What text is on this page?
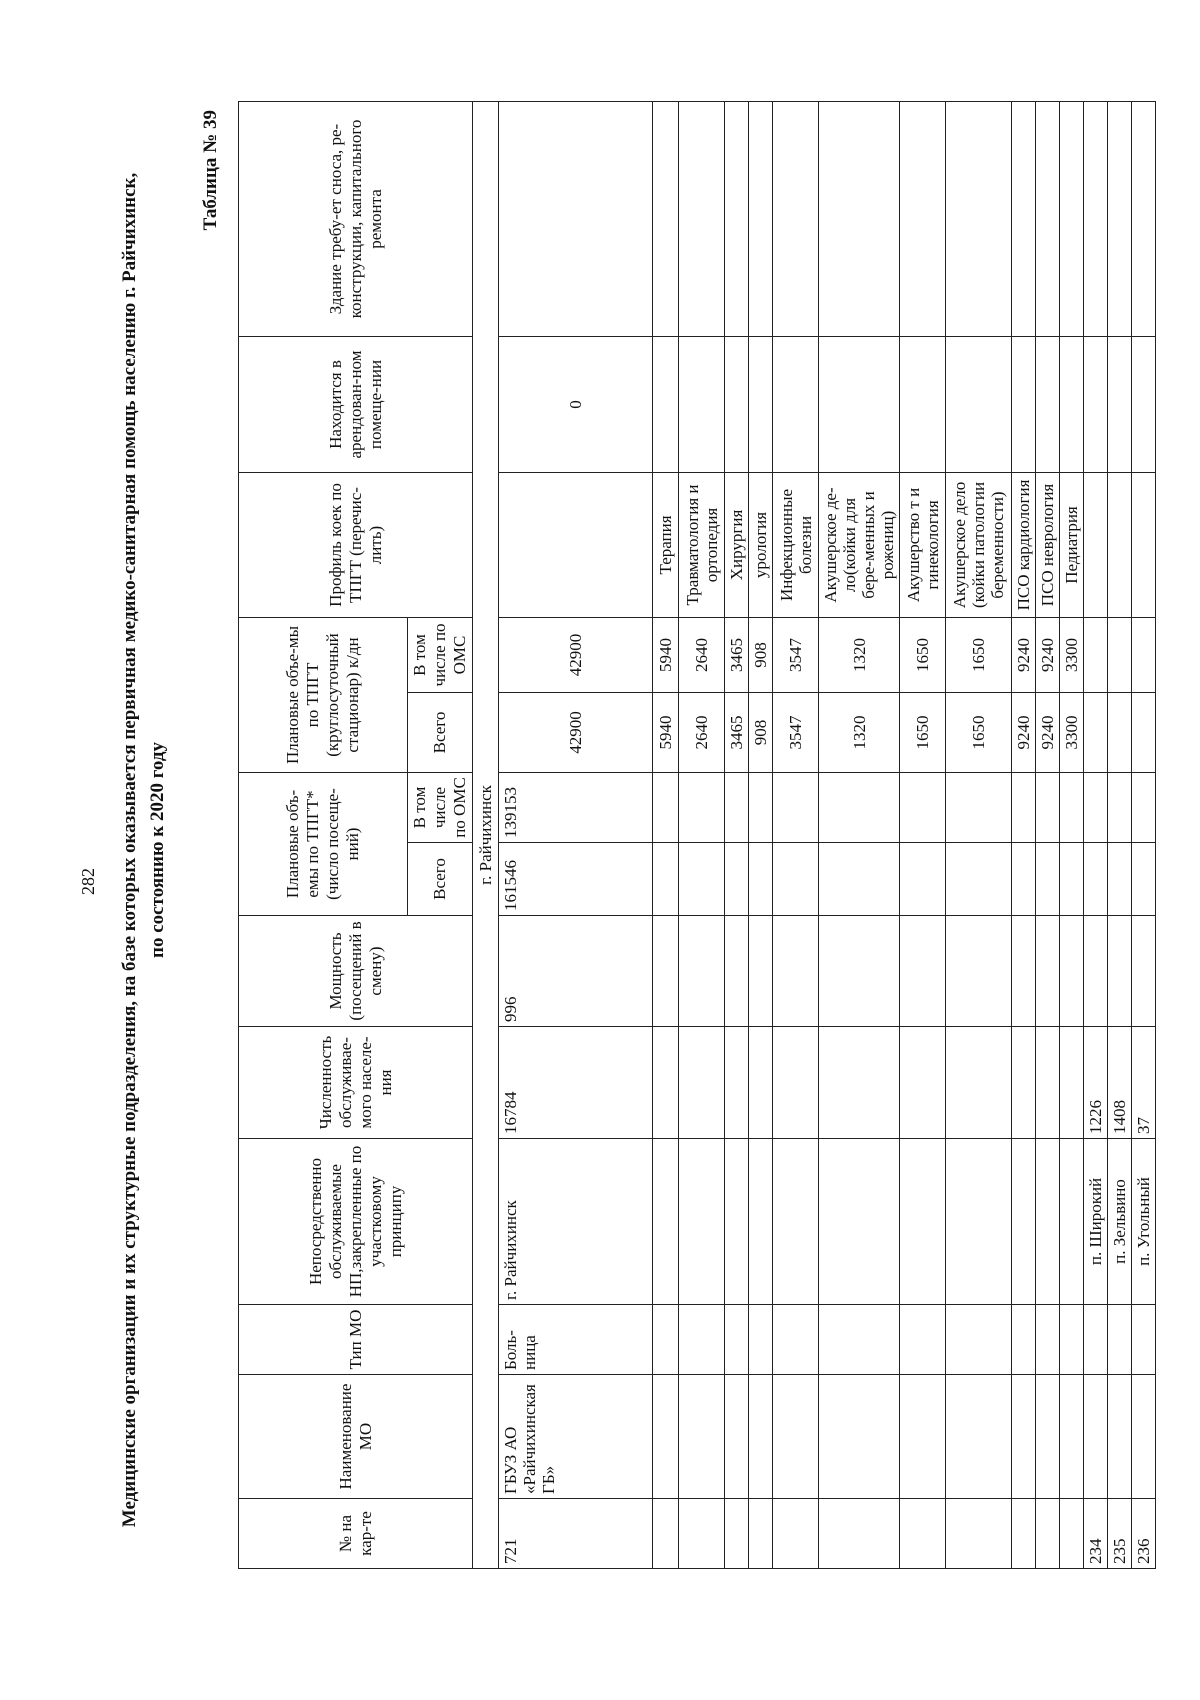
282 Медицинские организации и их структурные подразделения, на базе которых оказывается первичная медико-санитарная помощь населению г. Райчихинск, по состоянию к 2020 году
Таблица № 39
№ на кар-те	Наименование МО	Тип МО	Непосредственно обслуживаемые НП,закрепленные по участковому принципу	Численность обслуживае-мого населе-ния	Мощность (посещений в смену)	Плановые объ-емы по ТПГТ* (число посеще-ний)		Плановые объе-мы по ТПГТ (круглосуточный стационар) к/дн		Профиль коек по ТПГТ (перечис-лить)	Находится в арендован-ном помеще-нии	Здание требу-ет сноса, ре-конструкции, капитального ремонта
						Всего	В том числе по ОМС	Всего	В том числе по ОМС			
г. Райчихинск												
721	ГБУЗ АО «Райчихинская ГБ»	Боль-ница	г. Райчихинск	16784	996	161546	139153	42900	42900		0	
								5940	5940	Терапия		
								2640	2640	Травматология и ортопедия		
								3465	3465	Хирургия		
								908	908	урология		
								3547	3547	Инфекционные болезни		
								1320	1320	Акушерское де-ло(койки для бере-менных и рожениц)		
								1650	1650	Акушерство т и гинекология		
								1650	1650	Акушерское дело (койки патологии беременности)		
								9240	9240	ПСО кардиология		
								9240	9240	ПСО неврология		
								3300	3300	Педиатрия		
234			п. Широкий	1226								
235			п. Зельвино	1408								
236			п. Угольный	37								
